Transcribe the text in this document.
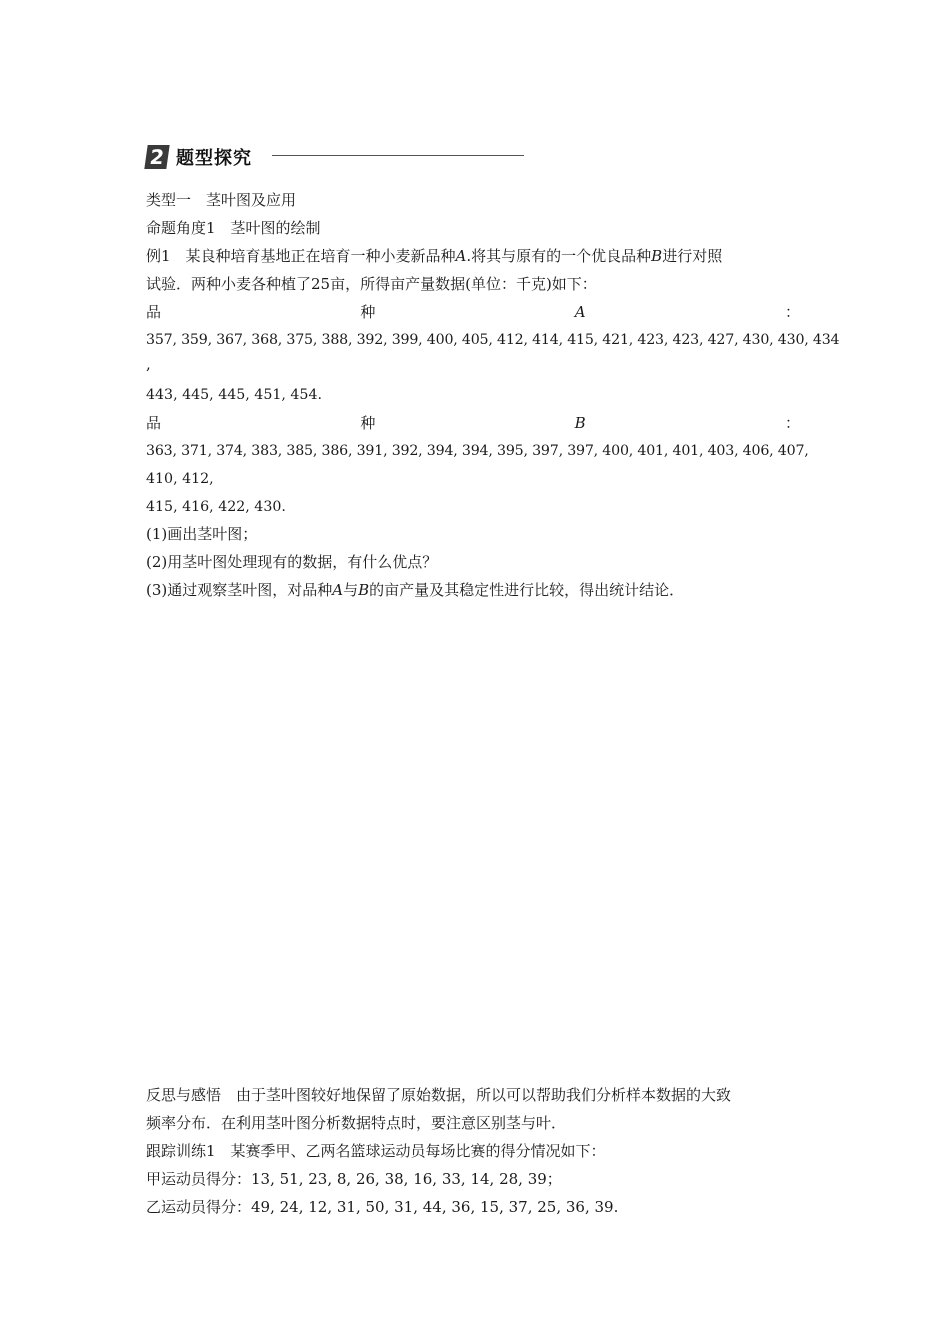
2 题型探究
类型一　茎叶图及应用
命题角度1　茎叶图的绘制
例1　某良种培育基地正在培育一种小麦新品种A.将其与原有的一个优良品种B进行对照
试验．两种小麦各种植了25亩，所得亩产量数据(单位：千克)如下：
品	种	A	：
357, 359, 367, 368, 375, 388, 392, 399, 400, 405, 412, 414, 415, 421, 423, 423, 427, 430, 430, 434
,
443, 445, 445, 451, 454.
品	种	B	：
363, 371, 374, 383, 385, 386, 391, 392, 394, 394, 395, 397, 397, 400, 401, 401, 403, 406, 407,
410, 412,
415, 416, 422, 430.
(1)画出茎叶图；
(2)用茎叶图处理现有的数据，有什么优点？
(3)通过观察茎叶图，对品种A与B的亩产量及其稳定性进行比较，得出统计结论．
反思与感悟　由于茎叶图较好地保留了原始数据，所以可以帮助我们分析样本数据的大致
频率分布．在利用茎叶图分析数据特点时，要注意区别茎与叶．
跟踪训练1　某赛季甲、乙两名篮球运动员每场比赛的得分情况如下：
甲运动员得分：13, 51, 23, 8, 26, 38, 16, 33, 14, 28, 39；
乙运动员得分：49, 24, 12, 31, 50, 31, 44, 36, 15, 37, 25, 36, 39.
